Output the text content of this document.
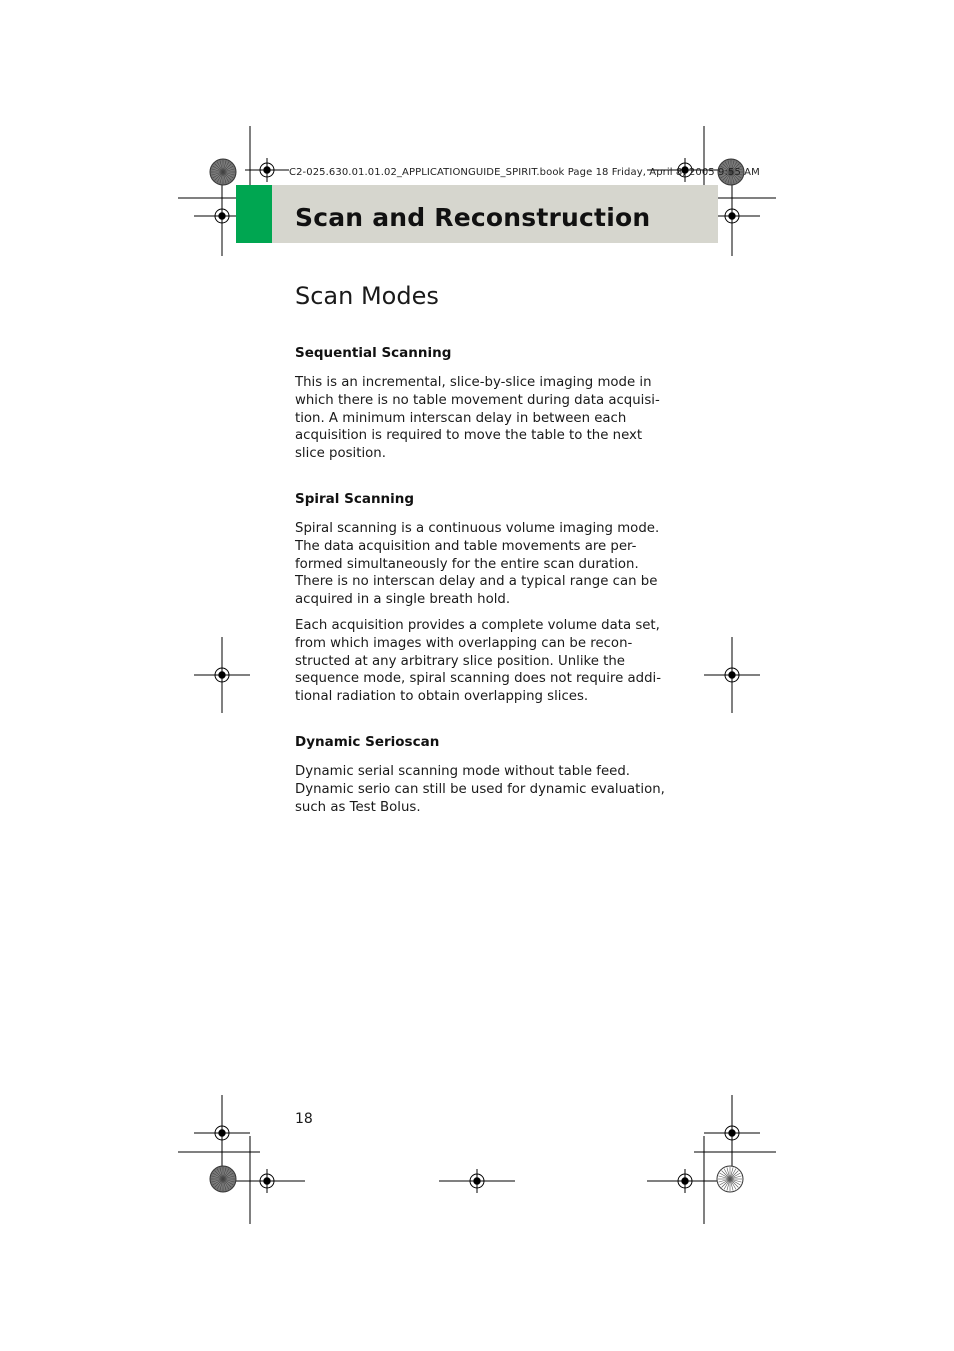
C2-025.630.01.01.02_APPLICATIONGUIDE_SPIRIT.book Page 18 Friday, April 8, 2005 9:55 AM
Scan and Reconstruction
Scan Modes
Sequential Scanning
This is an incremental, slice-by-slice imaging mode in
which there is no table movement during data acquisi-
tion. A minimum interscan delay in between each
acquisition is required to move the table to the next
slice position.
Spiral Scanning
Spiral scanning is a continuous volume imaging mode.
The data acquisition and table movements are per-
formed simultaneously for the entire scan duration.
There is no interscan delay and a typical range can be
acquired in a single breath hold.
Each acquisition provides a complete volume data set,
from which images with overlapping can be recon-
structed at any arbitrary slice position. Unlike the
sequence mode, spiral scanning does not require addi-
tional radiation to obtain overlapping slices.
Dynamic Serioscan
Dynamic serial scanning mode without table feed.
Dynamic serio can still be used for dynamic evaluation,
such as Test Bolus.
18
